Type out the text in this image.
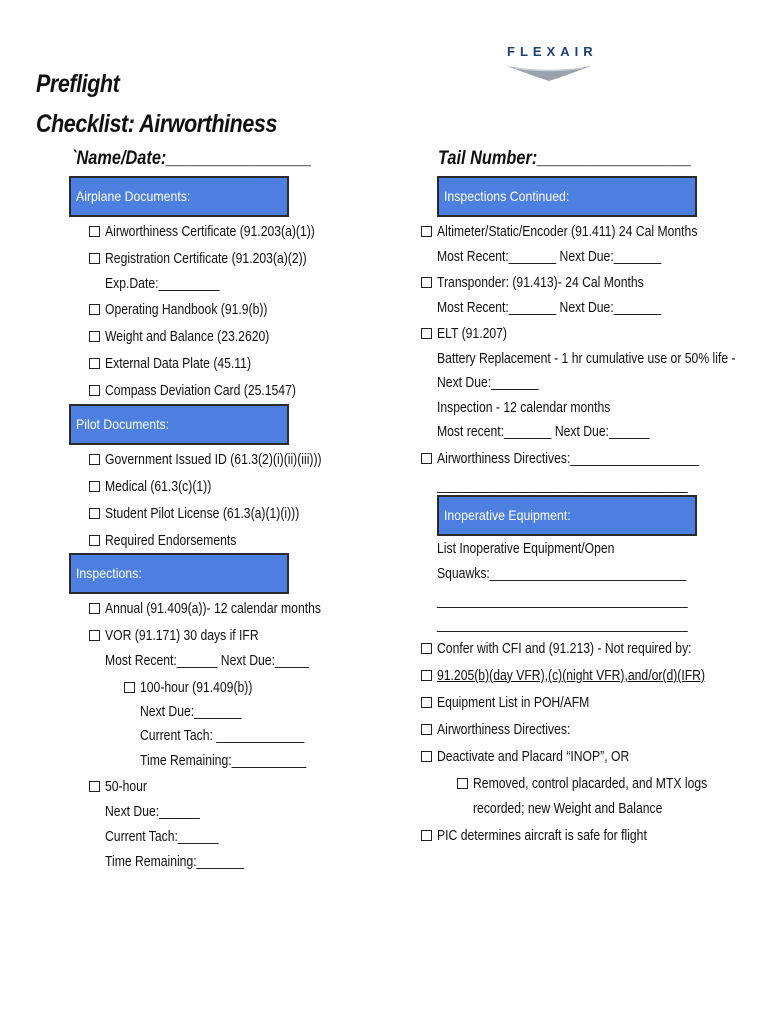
FLEXAIR
Preflight
Checklist: Airworthiness
`Name/Date:________________	Tail Number:_________________
Airplane Documents:
Airworthiness Certificate (91.203(a)(1))
Registration Certificate (91.203(a)(2))
Exp.Date:_________
Operating Handbook (91.9(b))
Weight and Balance (23.2620)
External Data Plate (45.11)
Compass Deviation Card (25.1547)
Pilot Documents:
Government Issued ID (61.3(2)(i)(ii)(iii)))
Medical (61.3(c)(1))
Student Pilot License (61.3(a)(1)(i)))
Required Endorsements
Inspections:
Annual (91.409(a))- 12 calendar months
VOR (91.171) 30 days if IFR
Most Recent:______ Next Due:_____
100-hour (91.409(b))
Next Due:_______
Current Tach: _____________
Time Remaining:___________
50-hour
Next Due:______
Current Tach:______
Time Remaining:_______
Inspections Continued:
Altimeter/Static/Encoder (91.411) 24 Cal Months
Most Recent:_______ Next Due:_______
Transponder: (91.413)- 24 Cal Months
Most Recent:_______ Next Due:_______
ELT (91.207)
Battery Replacement - 1 hr cumulative use or 50% life -
Next Due:_______
Inspection - 12 calendar months
Most recent:_______ Next Due:______
Airworthiness Directives:___________________
_____________________________________
Inoperative Equipment:
List Inoperative Equipment/Open
Squawks:_____________________________
_____________________________________
_____________________________________
Confer with CFI and (91.213) - Not required by:
91.205(b)(day VFR),(c)(night VFR),and/or(d)(IFR)
Equipment List in POH/AFM
Airworthiness Directives:
Deactivate and Placard “INOP”, OR
Removed, control placarded, and MTX logs
recorded; new Weight and Balance
PIC determines aircraft is safe for flight
